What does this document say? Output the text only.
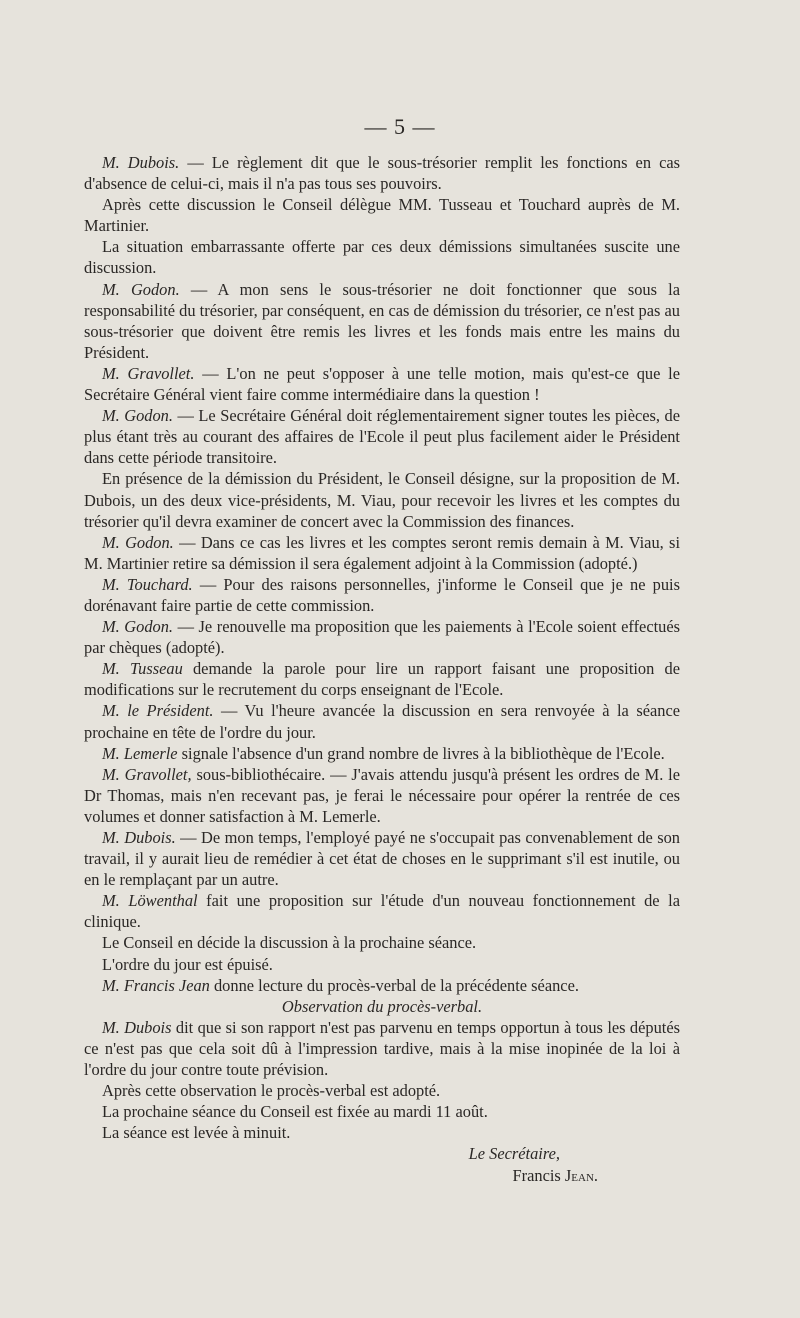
— 5 —

M. Dubois. — Le règlement dit que le sous-trésorier remplit les fonctions en cas d'absence de celui-ci, mais il n'a pas tous ses pouvoirs.

Après cette discussion le Conseil délègue MM. Tusseau et Touchard auprès de M. Martinier.

La situation embarrassante offerte par ces deux démissions simultanées suscite une discussion.

M. Godon. — A mon sens le sous-trésorier ne doit fonctionner que sous la responsabilité du trésorier, par conséquent, en cas de démission du trésorier, ce n'est pas au sous-trésorier que doivent être remis les livres et les fonds mais entre les mains du Président.

M. Gravollet. — L'on ne peut s'opposer à une telle motion, mais qu'est-ce que le Secrétaire Général vient faire comme intermédiaire dans la question !

M. Godon. — Le Secrétaire Général doit réglementairement signer toutes les pièces, de plus étant très au courant des affaires de l'Ecole il peut plus facilement aider le Président dans cette période transitoire.

En présence de la démission du Président, le Conseil désigne, sur la proposition de M. Dubois, un des deux vice-présidents, M. Viau, pour recevoir les livres et les comptes du trésorier qu'il devra examiner de concert avec la Commission des finances.

M. Godon. — Dans ce cas les livres et les comptes seront remis demain à M. Viau, si M. Martinier retire sa démission il sera également adjoint à la Commission (adopté.)

M. Touchard. — Pour des raisons personnelles, j'informe le Conseil que je ne puis dorénavant faire partie de cette commission.

M. Godon. — Je renouvelle ma proposition que les paiements à l'Ecole soient effectués par chèques (adopté).

M. Tusseau demande la parole pour lire un rapport faisant une proposition de modifications sur le recrutement du corps enseignant de l'Ecole.

M. le Président. — Vu l'heure avancée la discussion en sera renvoyée à la séance prochaine en tête de l'ordre du jour.

M. Lemerle signale l'absence d'un grand nombre de livres à la bibliothèque de l'Ecole.

M. Gravollet, sous-bibliothécaire. — J'avais attendu jusqu'à présent les ordres de M. le Dr Thomas, mais n'en recevant pas, je ferai le nécessaire pour opérer la rentrée de ces volumes et donner satisfaction à M. Lemerle.

M. Dubois. — De mon temps, l'employé payé ne s'occupait pas convenablement de son travail, il y aurait lieu de remédier à cet état de choses en le supprimant s'il est inutile, ou en le remplaçant par un autre.

M. Löwenthal fait une proposition sur l'étude d'un nouveau fonctionnement de la clinique.

Le Conseil en décide la discussion à la prochaine séance.

L'ordre du jour est épuisé.

M. Francis Jean donne lecture du procès-verbal de la précédente séance.

Observation du procès-verbal.

M. Dubois dit que si son rapport n'est pas parvenu en temps opportun à tous les députés ce n'est pas que cela soit dû à l'impression tardive, mais à la mise inopinée de la loi à l'ordre du jour contre toute prévision.

Après cette observation le procès-verbal est adopté.

La prochaine séance du Conseil est fixée au mardi 11 août.

La séance est levée à minuit.

Le Secrétaire,

Francis Jean.
